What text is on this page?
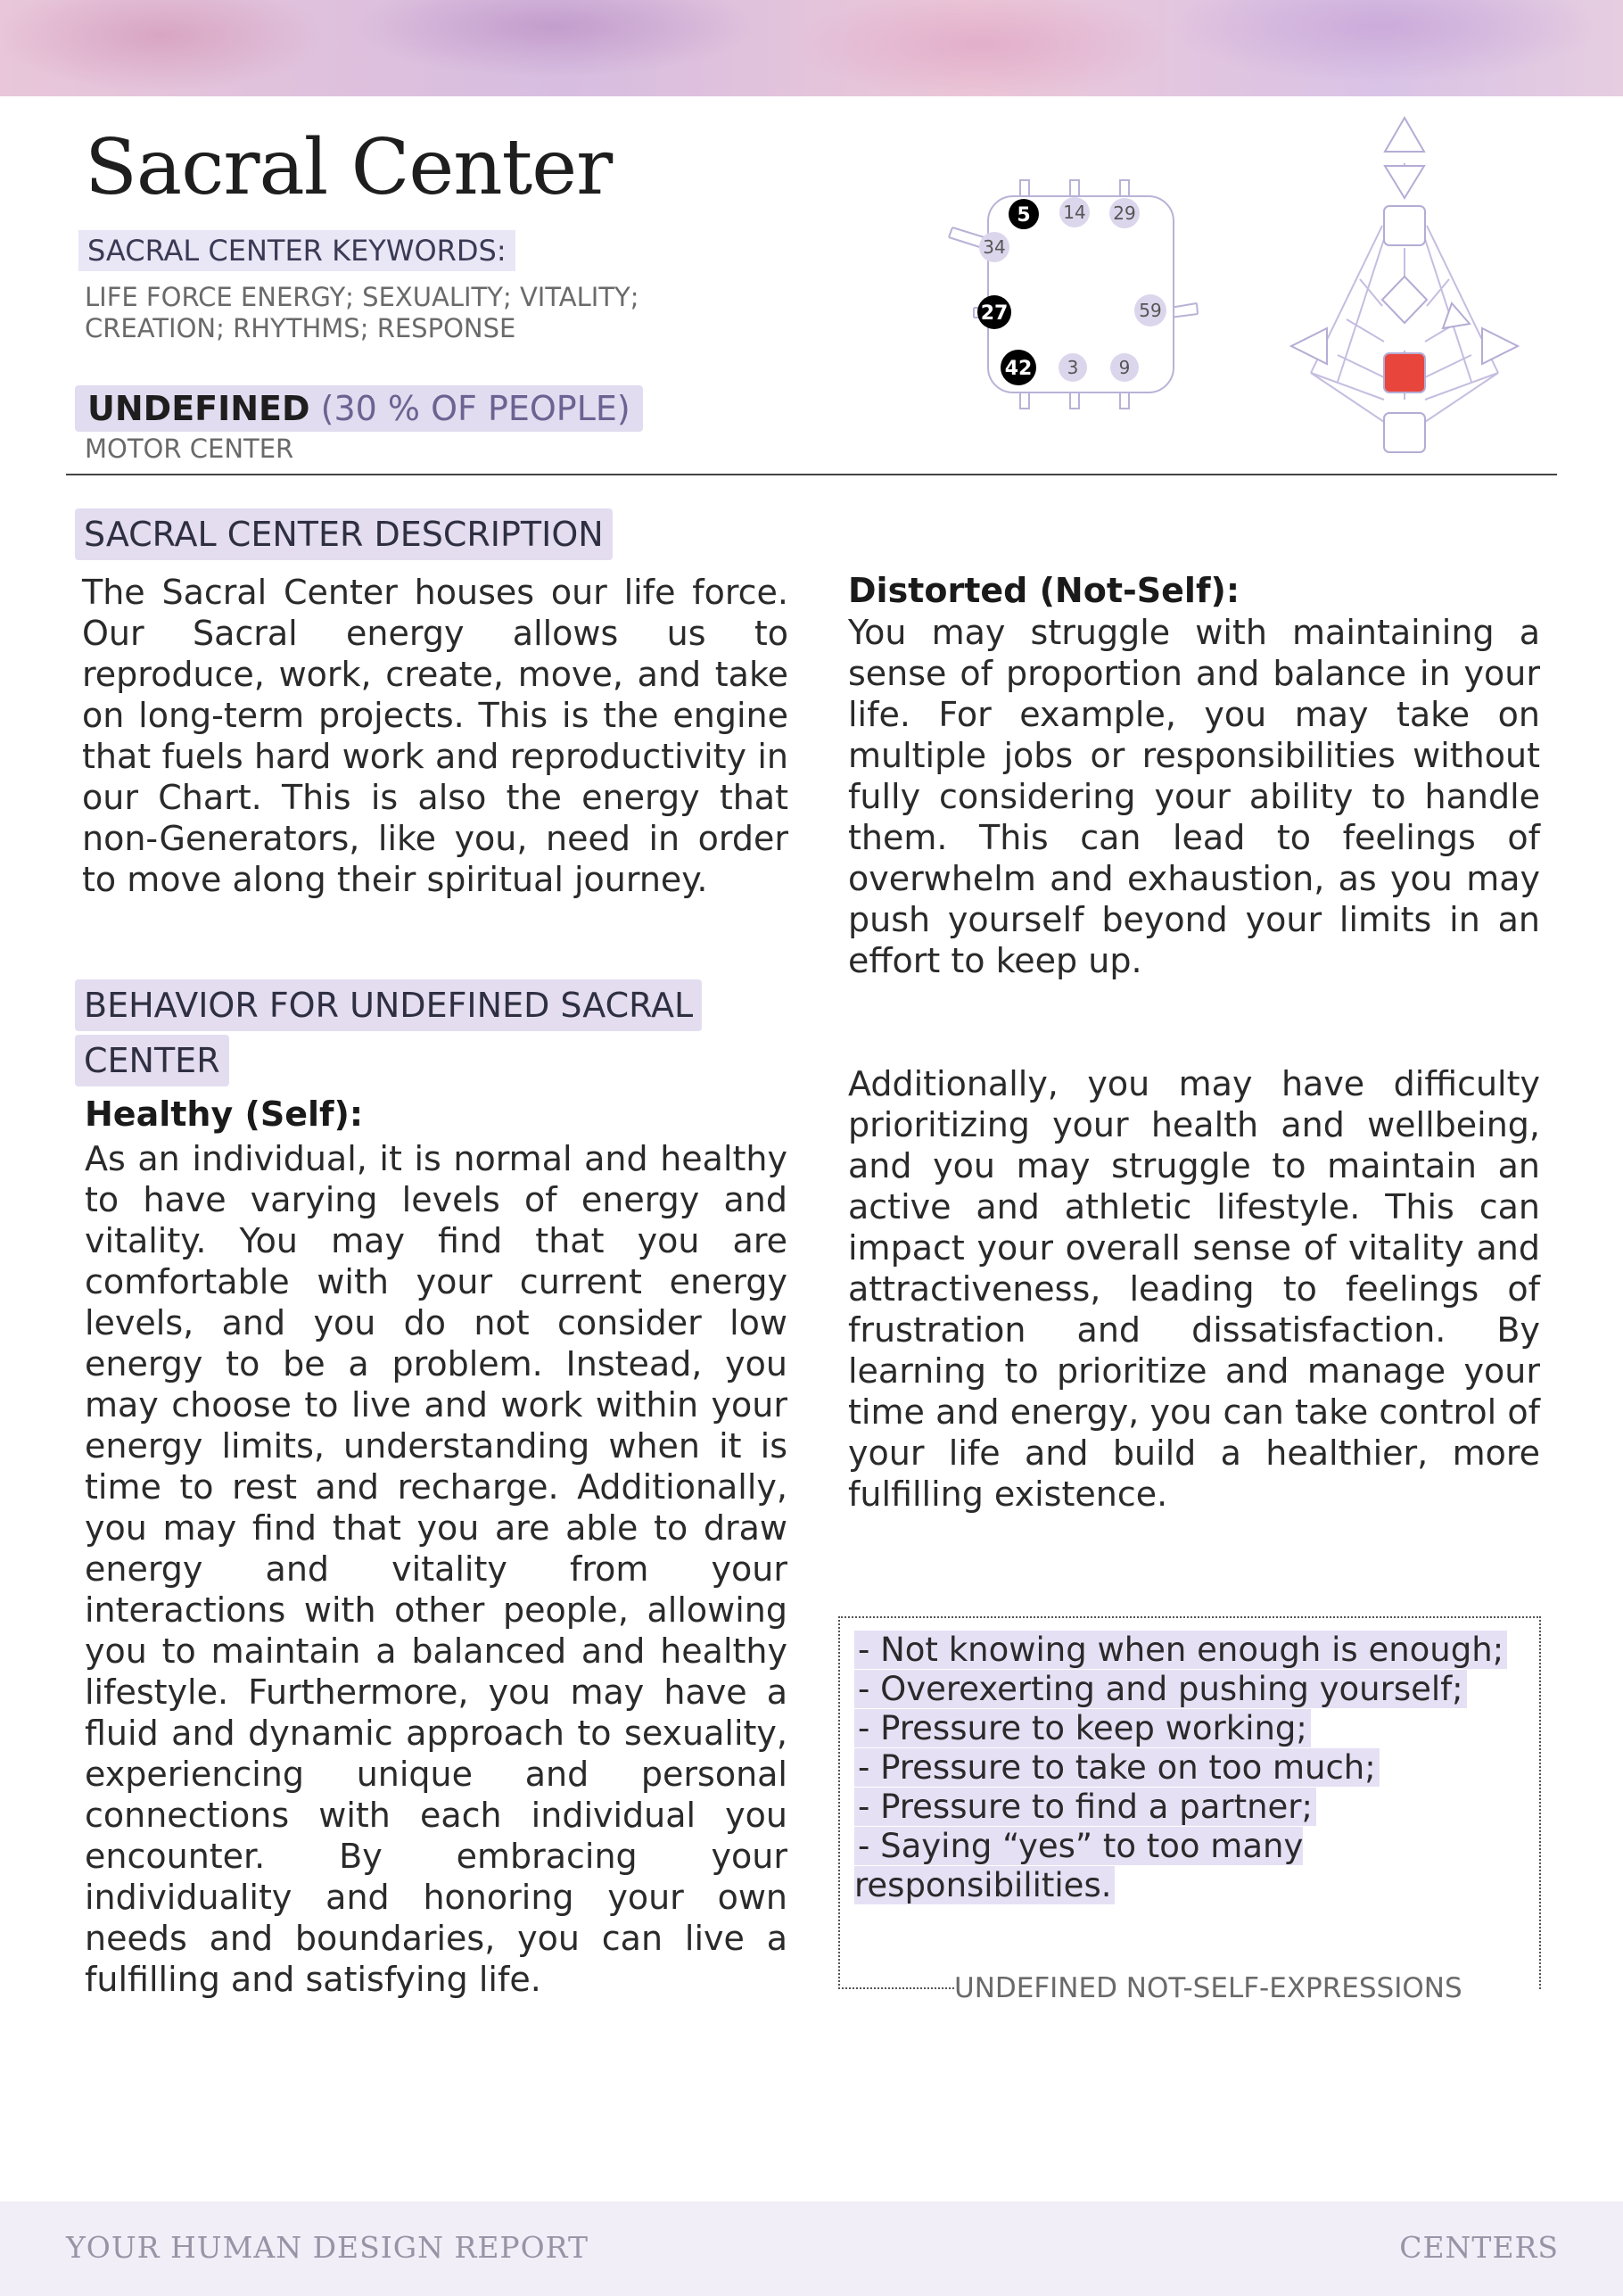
Sacral Center
SACRAL CENTER KEYWORDS:
LIFE FORCE ENERGY; SEXUALITY; VITALITY;
CREATION; RHYTHMS; RESPONSE
UNDEFINED (30 % OF PEOPLE)
MOTOR CENTER
5 14 29
34
27	59
42 3 9
SACRAL CENTER DESCRIPTION
The Sacral Center houses our life force. Our Sacral energy allows us to reproduce, work, create, move, and take on long-term projects. This is the engine that fuels hard work and reproductivity in our Chart. This is also the energy that non-Generators, like you, need in order to move along their spiritual journey.
BEHAVIOR FOR UNDEFINED SACRAL
CENTER
Healthy (Self):
As an individual, it is normal and healthy to have varying levels of energy and vitality. You may find that you are comfortable with your current energy levels, and you do not consider low energy to be a problem. Instead, you may choose to live and work within your energy limits, understanding when it is time to rest and recharge. Additionally, you may find that you are able to draw energy and vitality from your interactions with other people, allowing you to maintain a balanced and healthy lifestyle. Furthermore, you may have a fluid and dynamic approach to sexuality, experiencing unique and personal connections with each individual you encounter. By embracing your individuality and honoring your own needs and boundaries, you can live a fulfilling and satisfying life.
Distorted (Not-Self):
You may struggle with maintaining a sense of proportion and balance in your life. For example, you may take on multiple jobs or responsibilities without fully considering your ability to handle them. This can lead to feelings of overwhelm and exhaustion, as you may push yourself beyond your limits in an effort to keep up.
Additionally, you may have difficulty prioritizing your health and wellbeing, and you may struggle to maintain an active and athletic lifestyle. This can impact your overall sense of vitality and attractiveness, leading to feelings of frustration and dissatisfaction. By learning to prioritize and manage your time and energy, you can take control of your life and build a healthier, more fulfilling existence.
- Not knowing when enough is enough;
- Overexerting and pushing yourself;
- Pressure to keep working;
- Pressure to take on too much;
- Pressure to find a partner;
- Saying “yes” to too many responsibilities.
UNDEFINED NOT-SELF-EXPRESSIONS
YOUR HUMAN DESIGN REPORT	CENTERS
